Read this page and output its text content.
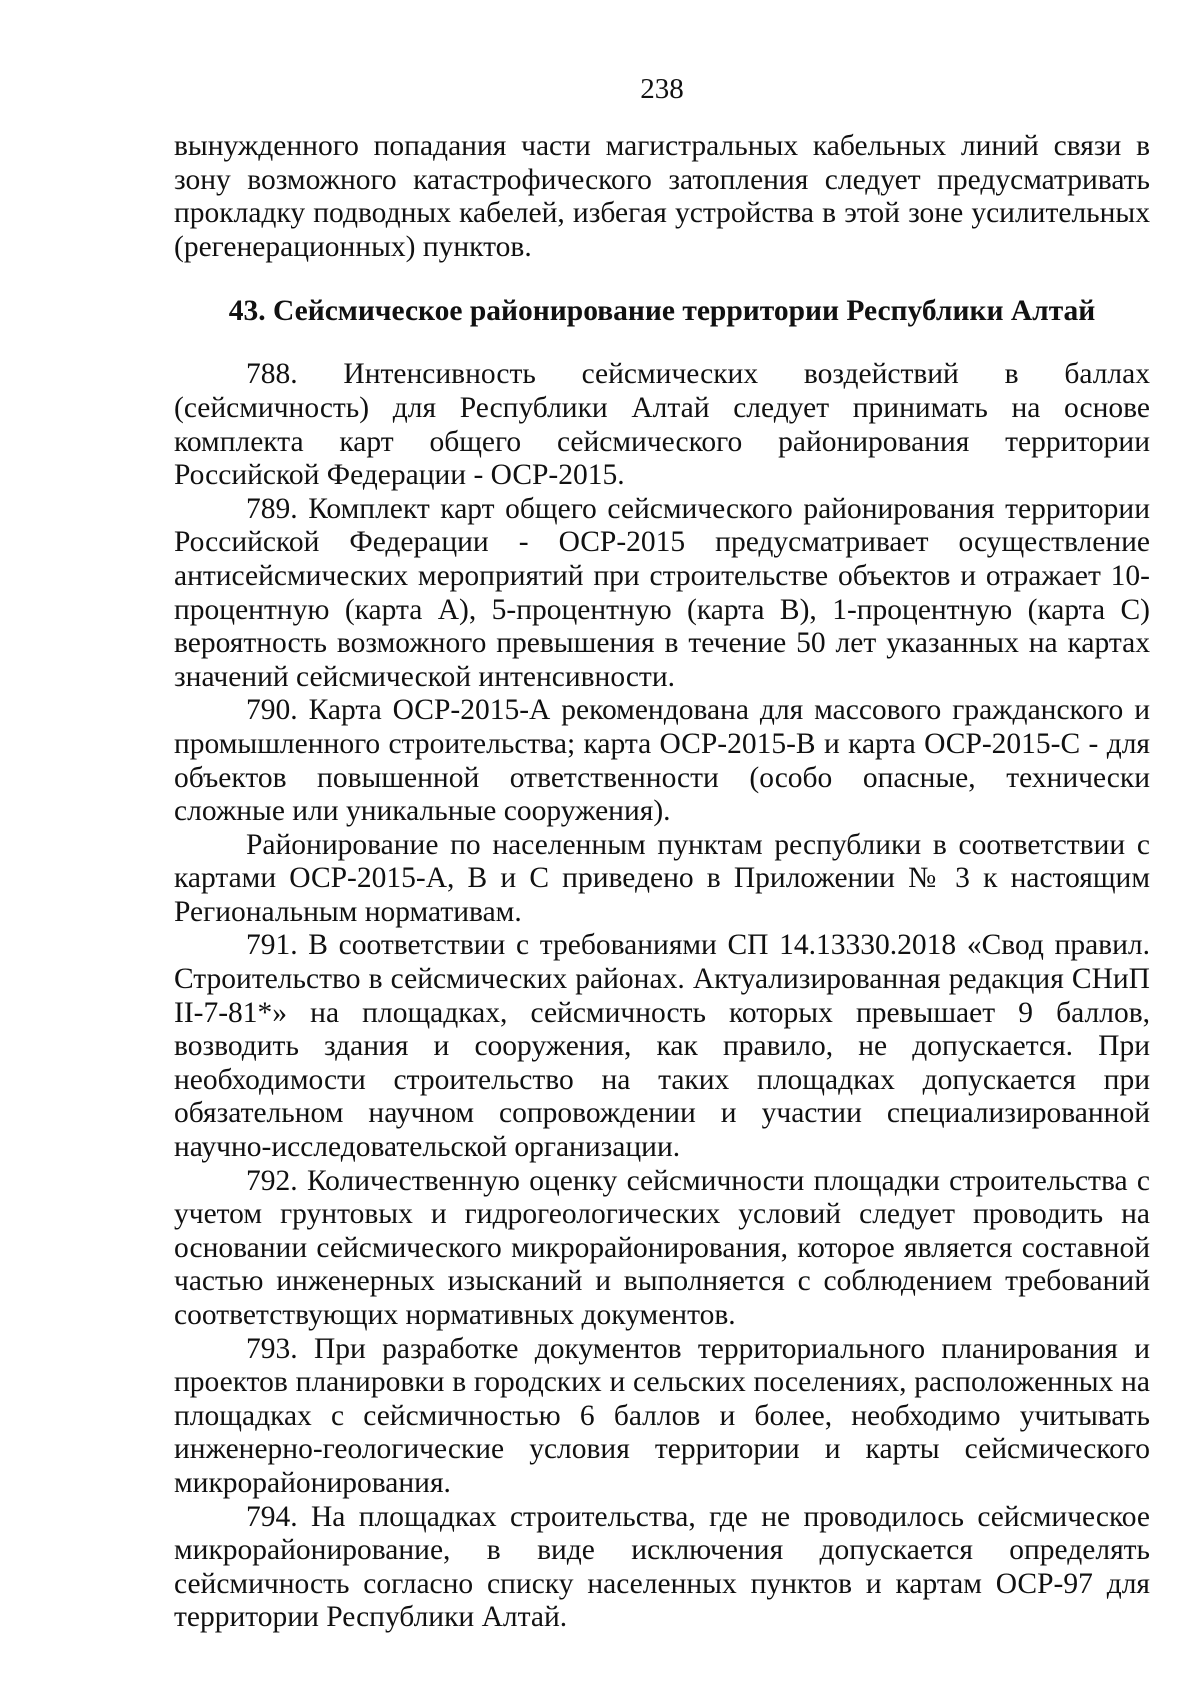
238

вынужденного попадания части магистральных кабельных линий связи в зону возможного катастрофического затопления следует предусматривать прокладку подводных кабелей, избегая устройства в этой зоне усилительных (регенерационных) пунктов.

43. Сейсмическое районирование территории Республики Алтай

788. Интенсивность сейсмических воздействий в баллах (сейсмичность) для Республики Алтай следует принимать на основе комплекта карт общего сейсмического районирования территории Российской Федерации - ОСР-2015.

789. Комплект карт общего сейсмического районирования территории Российской Федерации - ОСР-2015 предусматривает осуществление антисейсмических мероприятий при строительстве объектов и отражает 10-процентную (карта А), 5-процентную (карта В), 1-процентную (карта С) вероятность возможного превышения в течение 50 лет указанных на картах значений сейсмической интенсивности.

790. Карта ОСР-2015-А рекомендована для массового гражданского и промышленного строительства; карта ОСР-2015-В и карта ОСР-2015-С - для объектов повышенной ответственности (особо опасные, технически сложные или уникальные сооружения).

Районирование по населенным пунктам республики в соответствии с картами ОСР-2015-А, В и С приведено в Приложении № 3 к настоящим Региональным нормативам.

791. В соответствии с требованиями СП 14.13330.2018 «Свод правил. Строительство в сейсмических районах. Актуализированная редакция СНиП II-7-81*» на площадках, сейсмичность которых превышает 9 баллов, возводить здания и сооружения, как правило, не допускается. При необходимости строительство на таких площадках допускается при обязательном научном сопровождении и участии специализированной научно-исследовательской организации.

792. Количественную оценку сейсмичности площадки строительства с учетом грунтовых и гидрогеологических условий следует проводить на основании сейсмического микрорайонирования, которое является составной частью инженерных изысканий и выполняется с соблюдением требований соответствующих нормативных документов.

793. При разработке документов территориального планирования и проектов планировки в городских и сельских поселениях, расположенных на площадках с сейсмичностью 6 баллов и более, необходимо учитывать инженерно-геологические условия территории и карты сейсмического микрорайонирования.

794. На площадках строительства, где не проводилось сейсмическое микрорайонирование, в виде исключения допускается определять сейсмичность согласно списку населенных пунктов и картам ОСР-97 для территории Республики Алтай.
